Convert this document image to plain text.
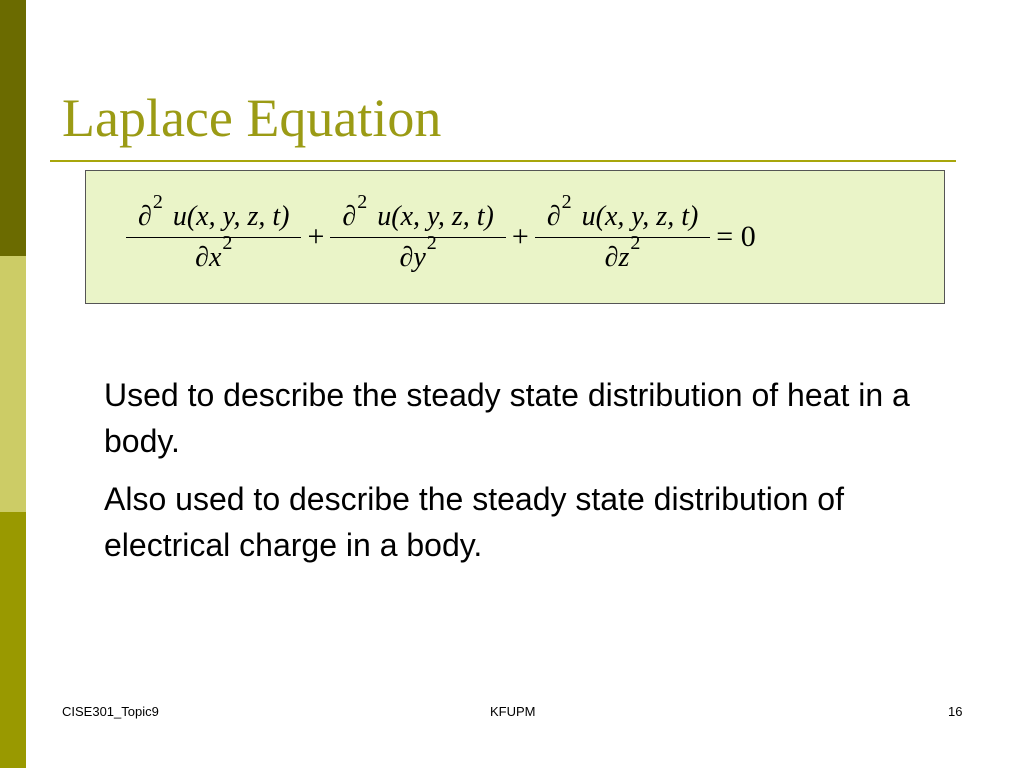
Laplace Equation
$\frac{\partial 2 u(x, y, z, t)}{\partial x 2} + \frac{\partial 2 u(x, y, z, t)}{\partial y 2} + \frac{\partial 2 u(x, y, z, t)}{\partial z 2} = 0$

Used to describe the steady state distribution of heat in a body.

Also used to describe the steady state distribution of electrical charge in a body.

CISE301_Topic9	KFUPM	16
